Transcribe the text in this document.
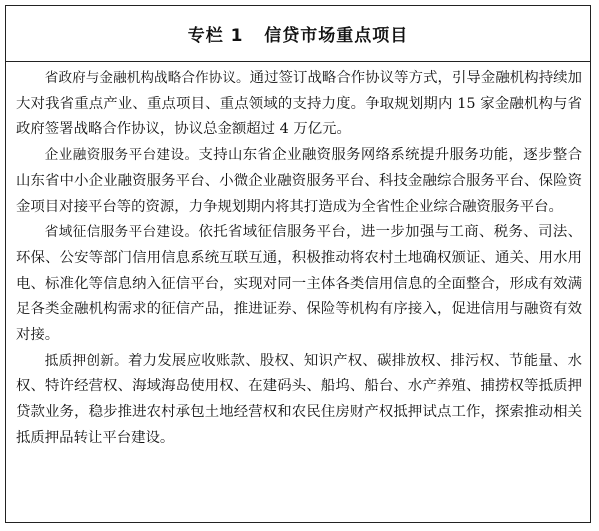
专栏 1   信贷市场重点项目

省政府与金融机构战略合作协议。通过签订战略合作协议等方式，引导金融机构持续加大对我省重点产业、重点项目、重点领域的支持力度。争取规划期内 15 家金融机构与省政府签署战略合作协议，协议总金额超过 4 万亿元。

企业融资服务平台建设。支持山东省企业融资服务网络系统提升服务功能，逐步整合山东省中小企业融资服务平台、小微企业融资服务平台、科技金融综合服务平台、保险资金项目对接平台等的资源，力争规划期内将其打造成为全省性企业综合融资服务平台。

省域征信服务平台建设。依托省域征信服务平台，进一步加强与工商、税务、司法、环保、公安等部门信用信息系统互联互通，积极推动将农村土地确权颁证、通关、用水用电、标准化等信息纳入征信平台，实现对同一主体各类信用信息的全面整合，形成有效满足各类金融机构需求的征信产品，推进证券、保险等机构有序接入，促进信用与融资有效对接。

抵质押创新。着力发展应收账款、股权、知识产权、碳排放权、排污权、节能量、水权、特许经营权、海域海岛使用权、在建码头、船坞、船台、水产养殖、捕捞权等抵质押贷款业务，稳步推进农村承包土地经营权和农民住房财产权抵押试点工作，探索推动相关抵质押品转让平台建设。
